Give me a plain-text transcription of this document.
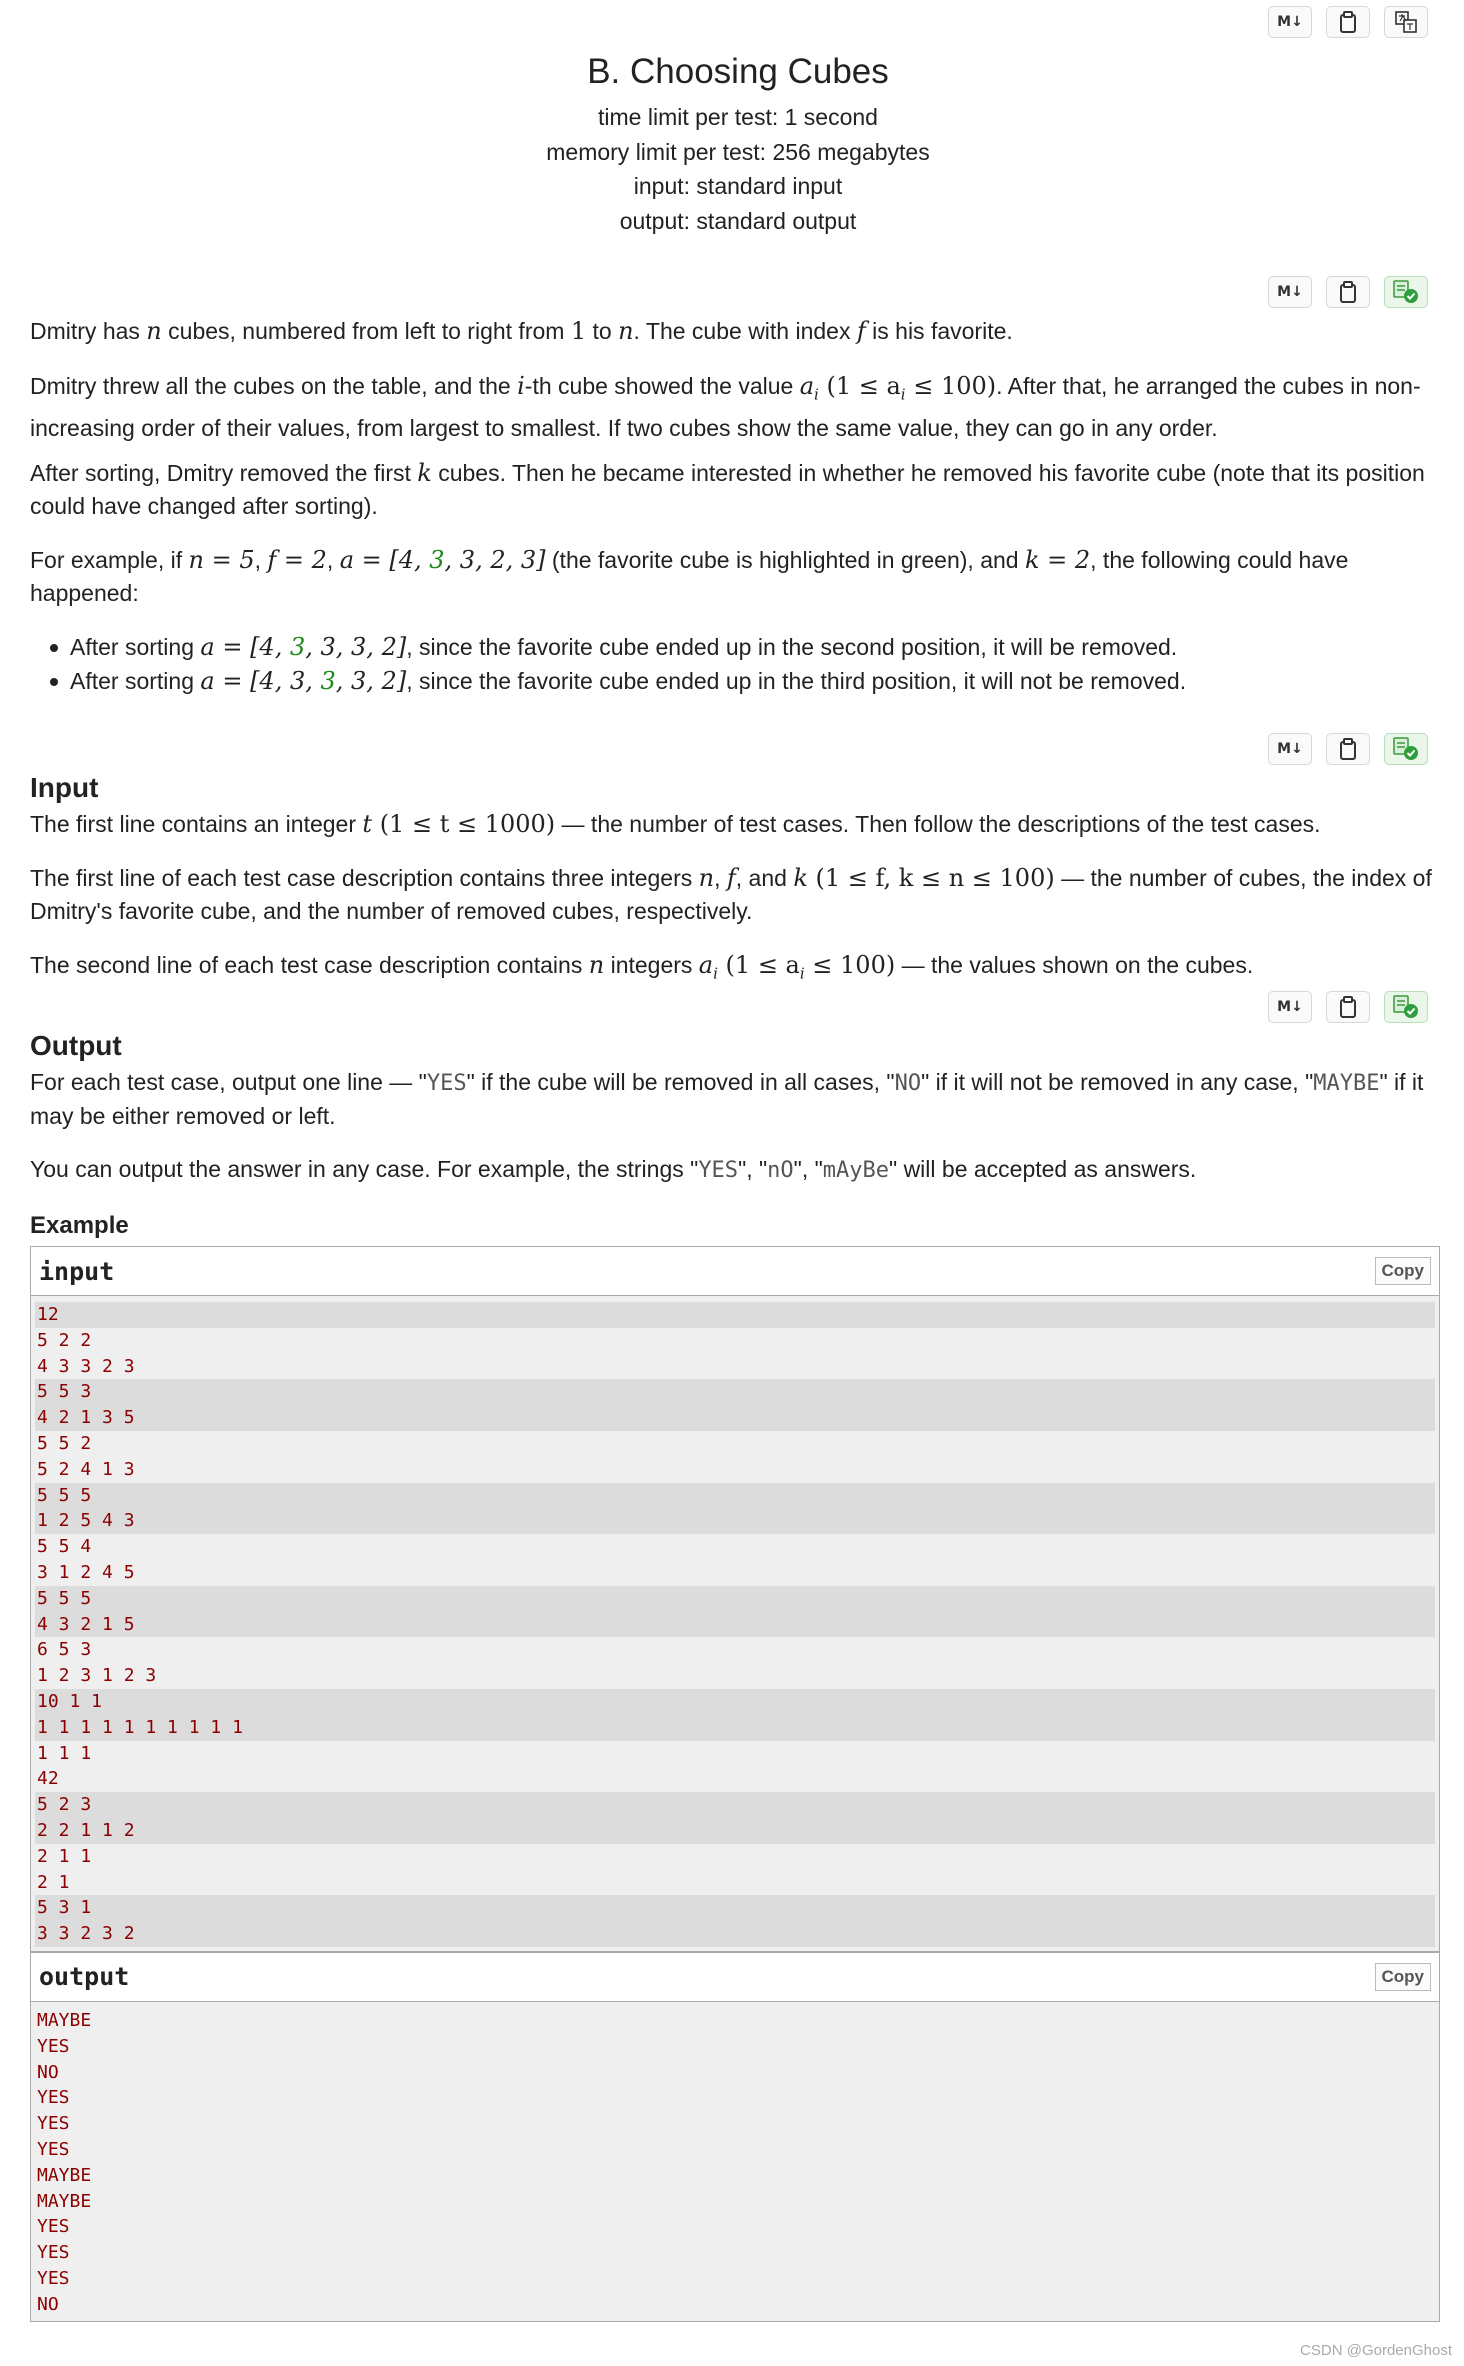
M↓
B. Choosing Cubes
time limit per test: 1 second
memory limit per test: 256 megabytes
input: standard input
output: standard output
M↓
Dmitry has n cubes, numbered from left to right from 1 to n. The cube with index f is his favorite.
Dmitry threw all the cubes on the table, and the i-th cube showed the value $a_i$ $(1 \le a_i \le 100)$. After that, he arranged the cubes in non-increasing order of their values, from largest to smallest. If two cubes show the same value, they can go in any order.
After sorting, Dmitry removed the first k cubes. Then he became interested in whether he removed his favorite cube (note that its position could have changed after sorting).
For example, if n = 5, f = 2, a = [4, 3, 3, 2, 3] (the favorite cube is highlighted in green), and k = 2, the following could have happened:
After sorting a = [4, 3, 3, 3, 2], since the favorite cube ended up in the second position, it will be removed.
After sorting a = [4, 3, 3, 3, 2], since the favorite cube ended up in the third position, it will not be removed.
M↓
Input
The first line contains an integer t (1 ≤ t ≤ 1000) — the number of test cases. Then follow the descriptions of the test cases.
The first line of each test case description contains three integers n, f, and k (1 ≤ f, k ≤ n ≤ 100) — the number of cubes, the index of Dmitry's favorite cube, and the number of removed cubes, respectively.
The second line of each test case description contains n integers $a_i$ $(1 \le a_i \le 100)$ — the values shown on the cubes.
M↓
Output
For each test case, output one line — "YES" if the cube will be removed in all cases, "NO" if it will not be removed in any case, "MAYBE" if it may be either removed or left.
You can output the answer in any case. For example, the strings "YES", "nO", "mAyBe" will be accepted as answers.
Example
input	Copy
12
5 2 2
4 3 3 2 3
5 5 3
4 2 1 3 5
5 5 2
5 2 4 1 3
5 5 5
1 2 5 4 3
5 5 4
3 1 2 4 5
5 5 5
4 3 2 1 5
6 5 3
1 2 3 1 2 3
10 1 1
1 1 1 1 1 1 1 1 1 1
1 1 1
42
5 2 3
2 2 1 1 2
2 1 1
2 1
5 3 1
3 3 2 3 2
output	Copy
MAYBE
YES
NO
YES
YES
YES
MAYBE
MAYBE
YES
YES
YES
NO
CSDN @GordenGhost
